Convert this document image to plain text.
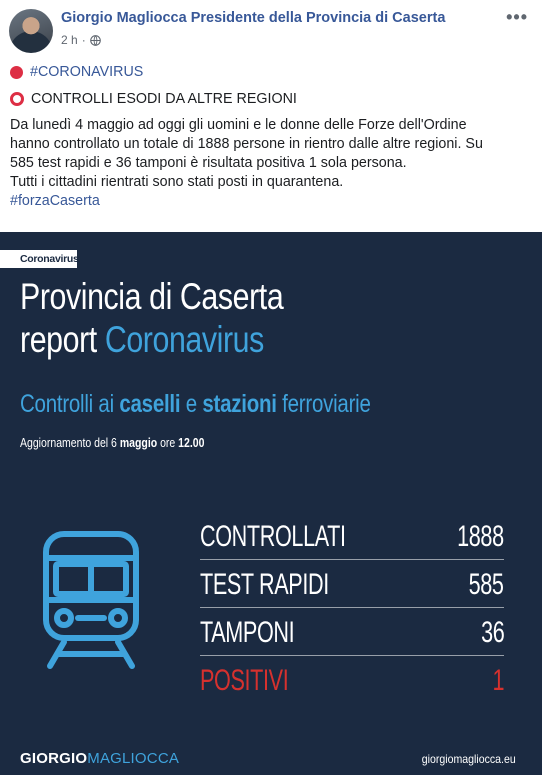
Giorgio Magliocca Presidente della Provincia di Caserta
2 h ·
•••
#CORONAVIRUS
CONTROLLI ESODI DA ALTRE REGIONI
Da lunedì 4 maggio ad oggi gli uomini e le donne delle Forze dell'Ordine
hanno controllato un totale di 1888 persone in rientro dalle altre regioni. Su
585 test rapidi e 36 tamponi è risultata positiva 1 sola persona.
Tutti i cittadini rientrati sono stati posti in quarantena.
#forzaCaserta
Coronavirus
Provincia di Caserta
report Coronavirus
Controlli ai caselli e stazioni ferroviarie
Aggiornamento del 6 maggio ore 12.00
CONTROLLATI	1888
TEST RAPIDI	585
TAMPONI	36
POSITIVI	1
GIORGIOMAGLIOCCA	giorgiomagliocca.eu
